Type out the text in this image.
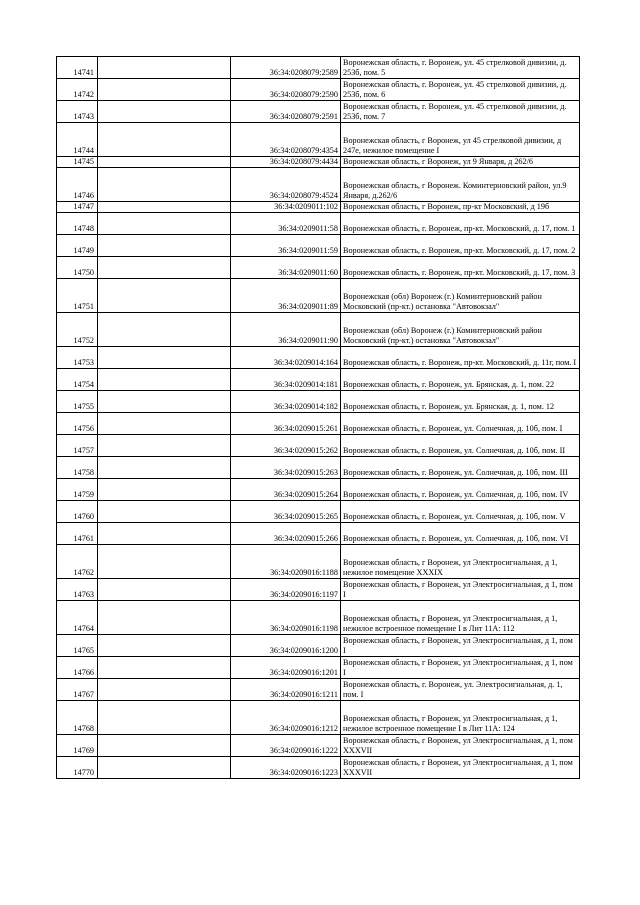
14741		36:34:0208079:2589	Воронежская область, г. Воронеж, ул. 45 стрелковой дивизии, д. 253б, пом. 5
14742		36:34:0208079:2590	Воронежская область, г. Воронеж, ул. 45 стрелковой дивизии, д. 253б, пом. 6
14743		36:34:0208079:2591	Воронежская область, г. Воронеж, ул. 45 стрелковой дивизии, д. 253б, пом. 7
14744		36:34:0208079:4354	Воронежская область, г Воронеж, ул 45 стрелковой дивизии, д 247е, нежилое помещение I
14745		36:34:0208079:4434	Воронежская область, г Воронеж, ул 9 Января, д 262/6
14746		36:34:0208079:4524	Воронежская область, г Воронеж. Коминтерновский район, ул.9 Января, д.262/6
14747		36:34:0209011:102	Воронежская область, г Воронеж, пр-кт Московский, д 19б
14748		36:34:0209011:58	Воронежская область, г. Воронеж, пр-кт. Московский, д. 17, пом. 1
14749		36:34:0209011:59	Воронежская область, г. Воронеж, пр-кт. Московский, д. 17, пом. 2
14750		36:34:0209011:60	Воронежская область, г. Воронеж, пр-кт. Московский, д. 17, пом. 3
14751		36:34:0209011:89	Воронежская (обл) Воронеж (г.) Коминтерновский район Московский (пр-кт.) остановка "Автовокзал"
14752		36:34:0209011:90	Воронежская (обл) Воронеж (г.) Коминтерновский район Московский (пр-кт.) остановка "Автовокзал"
14753		36:34:0209014:164	Воронежская область, г. Воронеж, пр-кт. Московский, д. 11г, пом. I
14754		36:34:0209014:181	Воронежская область, г. Воронеж, ул. Брянская, д. 1, пом. 22
14755		36:34:0209014:182	Воронежская область, г. Воронеж, ул. Брянская, д. 1, пом. 12
14756		36:34:0209015:261	Воронежская область, г. Воронеж, ул. Солнечная, д. 10б, пом. I
14757		36:34:0209015:262	Воронежская область, г. Воронеж, ул. Солнечная, д. 10б, пом. II
14758		36:34:0209015:263	Воронежская область, г. Воронеж, ул. Солнечная, д. 10б, пом. III
14759		36:34:0209015:264	Воронежская область, г. Воронеж, ул. Солнечная, д. 10б, пом. IV
14760		36:34:0209015:265	Воронежская область, г. Воронеж, ул. Солнечная, д. 10б, пом. V
14761		36:34:0209015:266	Воронежская область, г. Воронеж, ул. Солнечная, д. 10б, пом. VI
14762		36:34:0209016:1188	Воронежская область, г Воронеж, ул Электросигнальная, д 1, нежилое помещение XXXIX
14763		36:34:0209016:1197	Воронежская область, г Воронеж, ул Электросигнальная, д 1, пом I
14764		36:34:0209016:1198	Воронежская область, г Воронеж, ул Электросигнальная, д 1, нежилое встроенное помещение I в Лит 11А: 112
14765		36:34:0209016:1200	Воронежская область, г Воронеж, ул Электросигнальная, д 1, пом I
14766		36:34:0209016:1201	Воронежская область, г Воронеж, ул Электросигнальная, д 1, пом I
14767		36:34:0209016:1211	Воронежская область, г. Воронеж, ул. Электросигнальная, д. 1, пом. I
14768		36:34:0209016:1212	Воронежская область, г Воронеж, ул Электросигнальная, д 1, нежилое встроенное помещение I в Лит 11А: 124
14769		36:34:0209016:1222	Воронежская область, г Воронеж, ул Электросигнальная, д 1, пом XXXVII
14770		36:34:0209016:1223	Воронежская область, г Воронеж, ул Электросигнальная, д 1, пом XXXVII
